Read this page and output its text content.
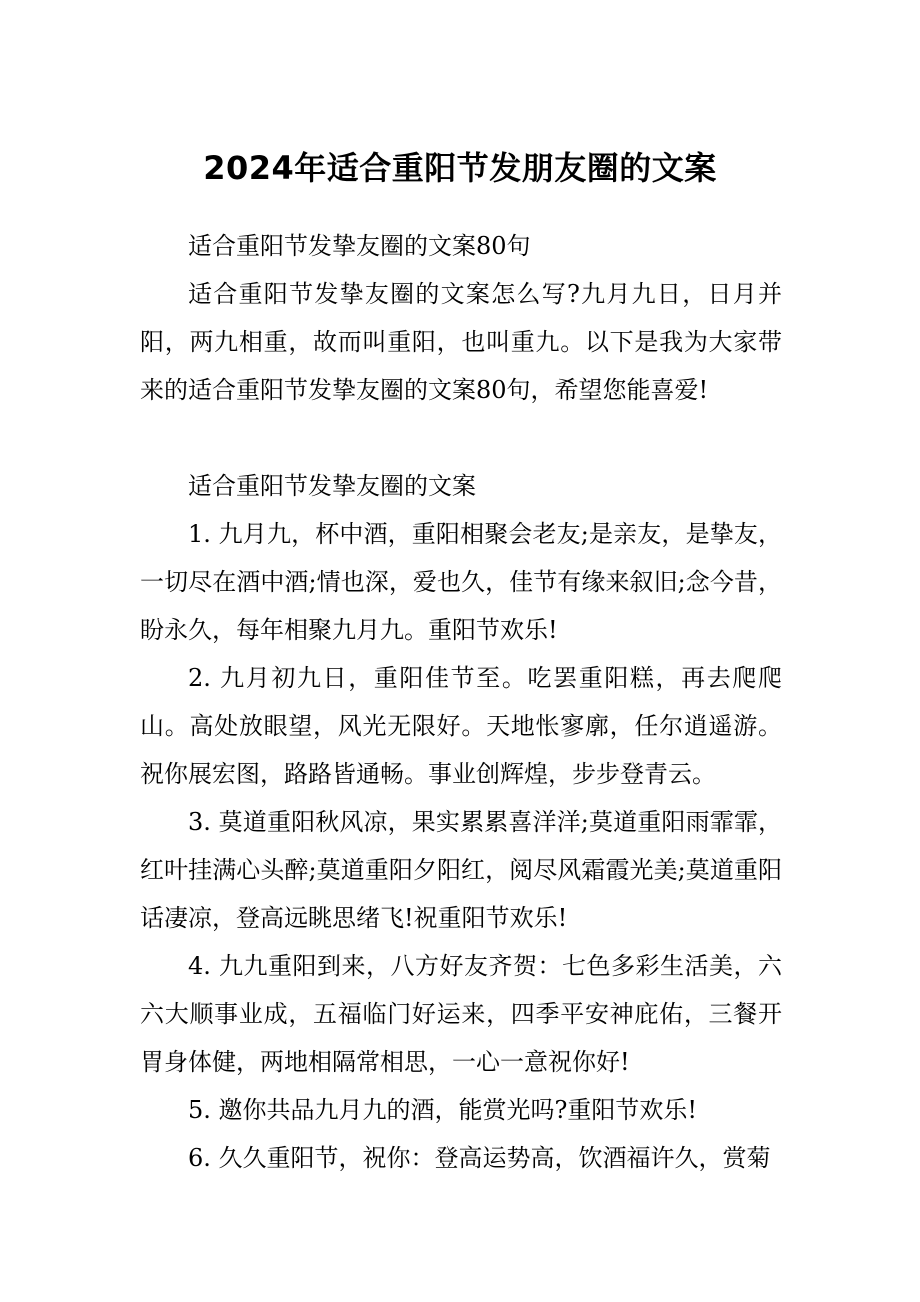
2024年适合重阳节发朋友圈的文案

适合重阳节发挚友圈的文案80句

适合重阳节发挚友圈的文案怎么写?九月九日，日月并阳，两九相重，故而叫重阳，也叫重九。以下是我为大家带来的适合重阳节发挚友圈的文案80句，希望您能喜爱!

适合重阳节发挚友圈的文案

1. 九月九，杯中酒，重阳相聚会老友;是亲友，是挚友，一切尽在酒中酒;情也深，爱也久，佳节有缘来叙旧;念今昔，盼永久，每年相聚九月九。重阳节欢乐!

2. 九月初九日，重阳佳节至。吃罢重阳糕，再去爬爬山。高处放眼望，风光无限好。天地怅寥廓，任尔逍遥游。祝你展宏图，路路皆通畅。事业创辉煌，步步登青云。

3. 莫道重阳秋风凉，果实累累喜洋洋;莫道重阳雨霏霏，红叶挂满心头醉;莫道重阳夕阳红，阅尽风霜霞光美;莫道重阳话凄凉，登高远眺思绪飞!祝重阳节欢乐!

4. 九九重阳到来，八方好友齐贺：七色多彩生活美，六六大顺事业成，五福临门好运来，四季平安神庇佑，三餐开胃身体健，两地相隔常相思，一心一意祝你好!

5. 邀你共品九月九的酒，能赏光吗?重阳节欢乐!

6. 久久重阳节，祝你：登高运势高，饮酒福许久，赏菊
